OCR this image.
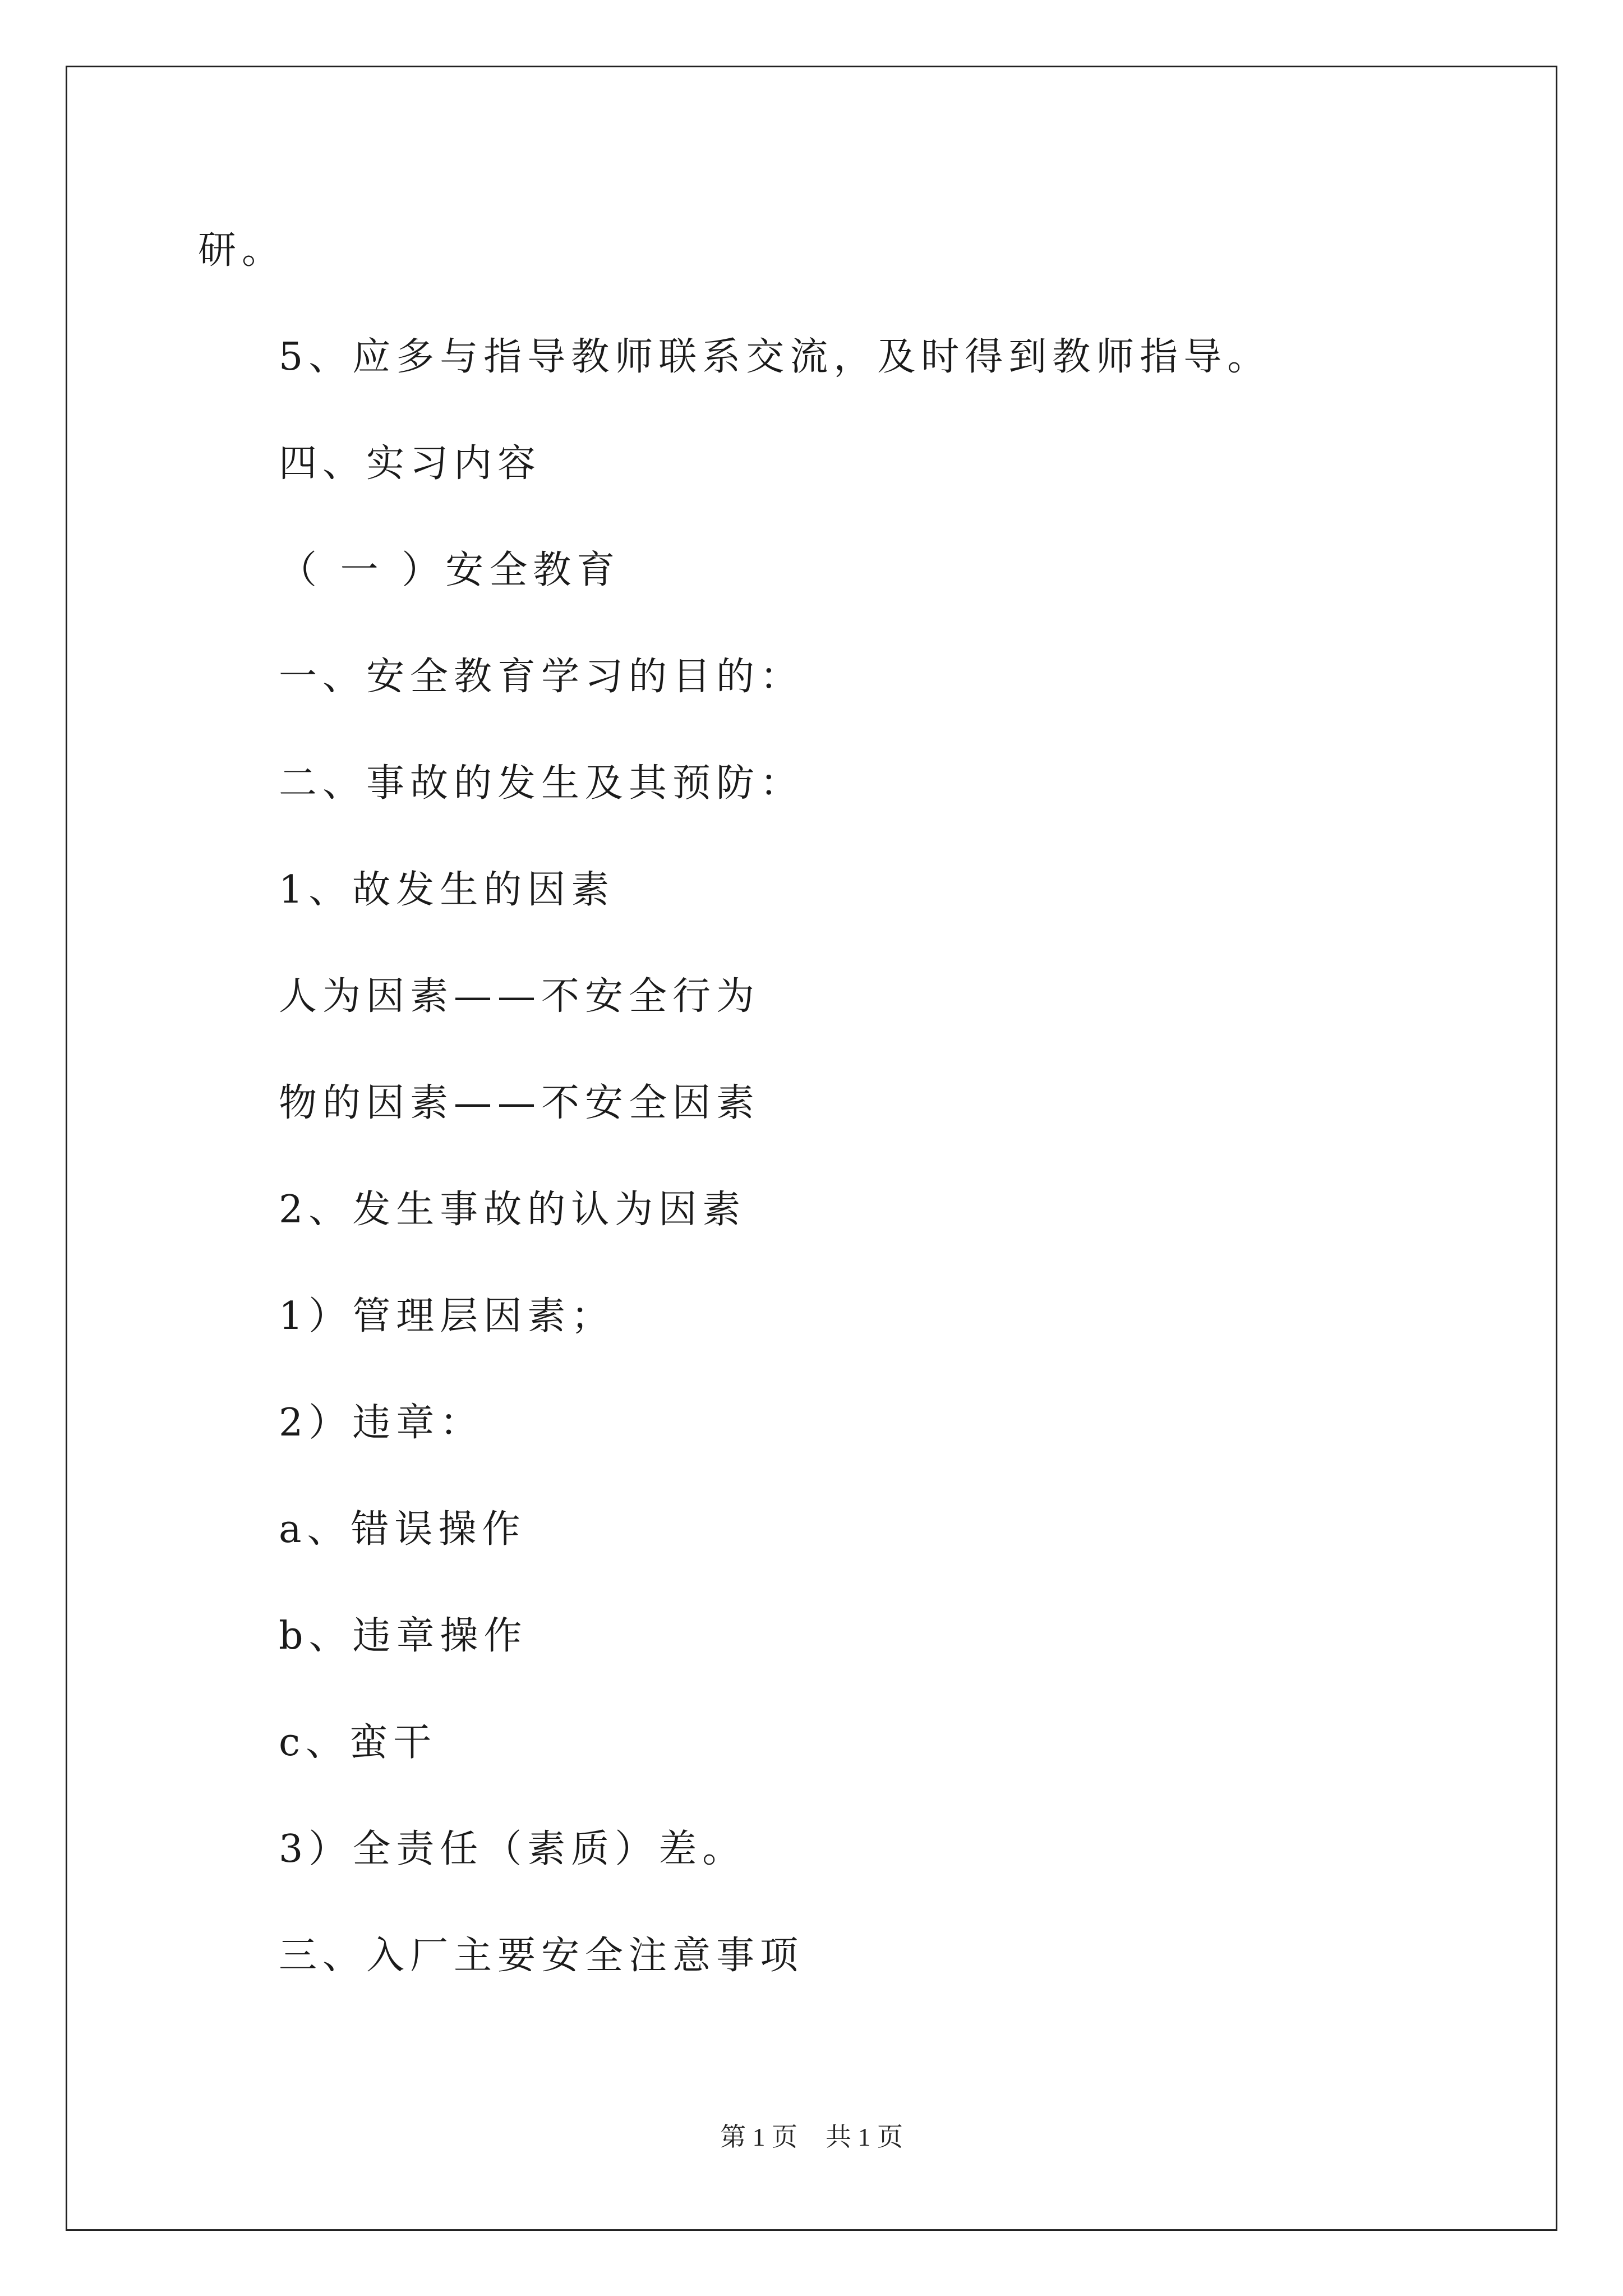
研。
5、应多与指导教师联系交流，及时得到教师指导。
四、实习内容
（ 一 ）安全教育
一、安全教育学习的目的：
二、事故的发生及其预防：
1、故发生的因素
人为因素——不安全行为
物的因素——不安全因素
2、发生事故的认为因素
1）管理层因素；
2）违章：
a、错误操作
b、违章操作
c、蛮干
3）全责任（素质）差。
三、入厂主要安全注意事项
第 1 页 共 1 页
